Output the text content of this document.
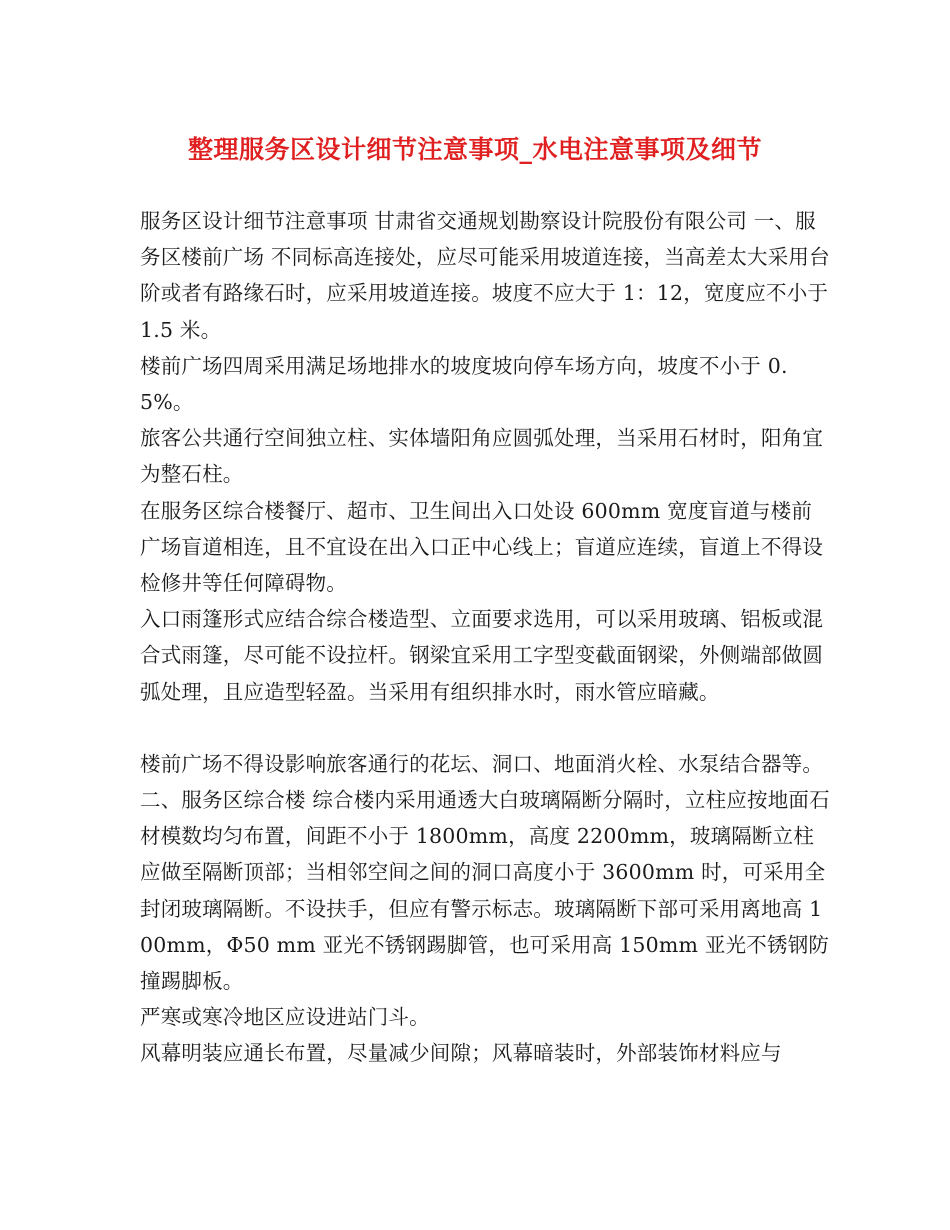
整理服务区设计细节注意事项_水电注意事项及细节

服务区设计细节注意事项 甘肃省交通规划勘察设计院股份有限公司 一、服务区楼前广场 不同标高连接处，应尽可能采用坡道连接，当高差太大采用台阶或者有路缘石时，应采用坡道连接。坡度不应大于 1：12，宽度应不小于 1.5 米。

楼前广场四周采用满足场地排水的坡度坡向停车场方向，坡度不小于 0.5%。

旅客公共通行空间独立柱、实体墙阳角应圆弧处理，当采用石材时，阳角宜为整石柱。

在服务区综合楼餐厅、超市、卫生间出入口处设 600mm 宽度盲道与楼前广场盲道相连，且不宜设在出入口正中心线上；盲道应连续，盲道上不得设检修井等任何障碍物。

入口雨篷形式应结合综合楼造型、立面要求选用，可以采用玻璃、铝板或混合式雨篷，尽可能不设拉杆。钢梁宜采用工字型变截面钢梁，外侧端部做圆弧处理，且应造型轻盈。当采用有组织排水时，雨水管应暗藏。

楼前广场不得设影响旅客通行的花坛、洞口、地面消火栓、水泵结合器等。

二、服务区综合楼 综合楼内采用通透大白玻璃隔断分隔时，立柱应按地面石材模数均匀布置，间距不小于 1800mm，高度 2200mm，玻璃隔断立柱应做至隔断顶部；当相邻空间之间的洞口高度小于 3600mm 时，可采用全封闭玻璃隔断。不设扶手，但应有警示标志。玻璃隔断下部可采用离地高 100mm，Φ50 mm 亚光不锈钢踢脚管，也可采用高 150mm 亚光不锈钢防撞踢脚板。

严寒或寒冷地区应设进站门斗。

风幕明装应通长布置，尽量减少间隙；风幕暗装时，外部装饰材料应与
